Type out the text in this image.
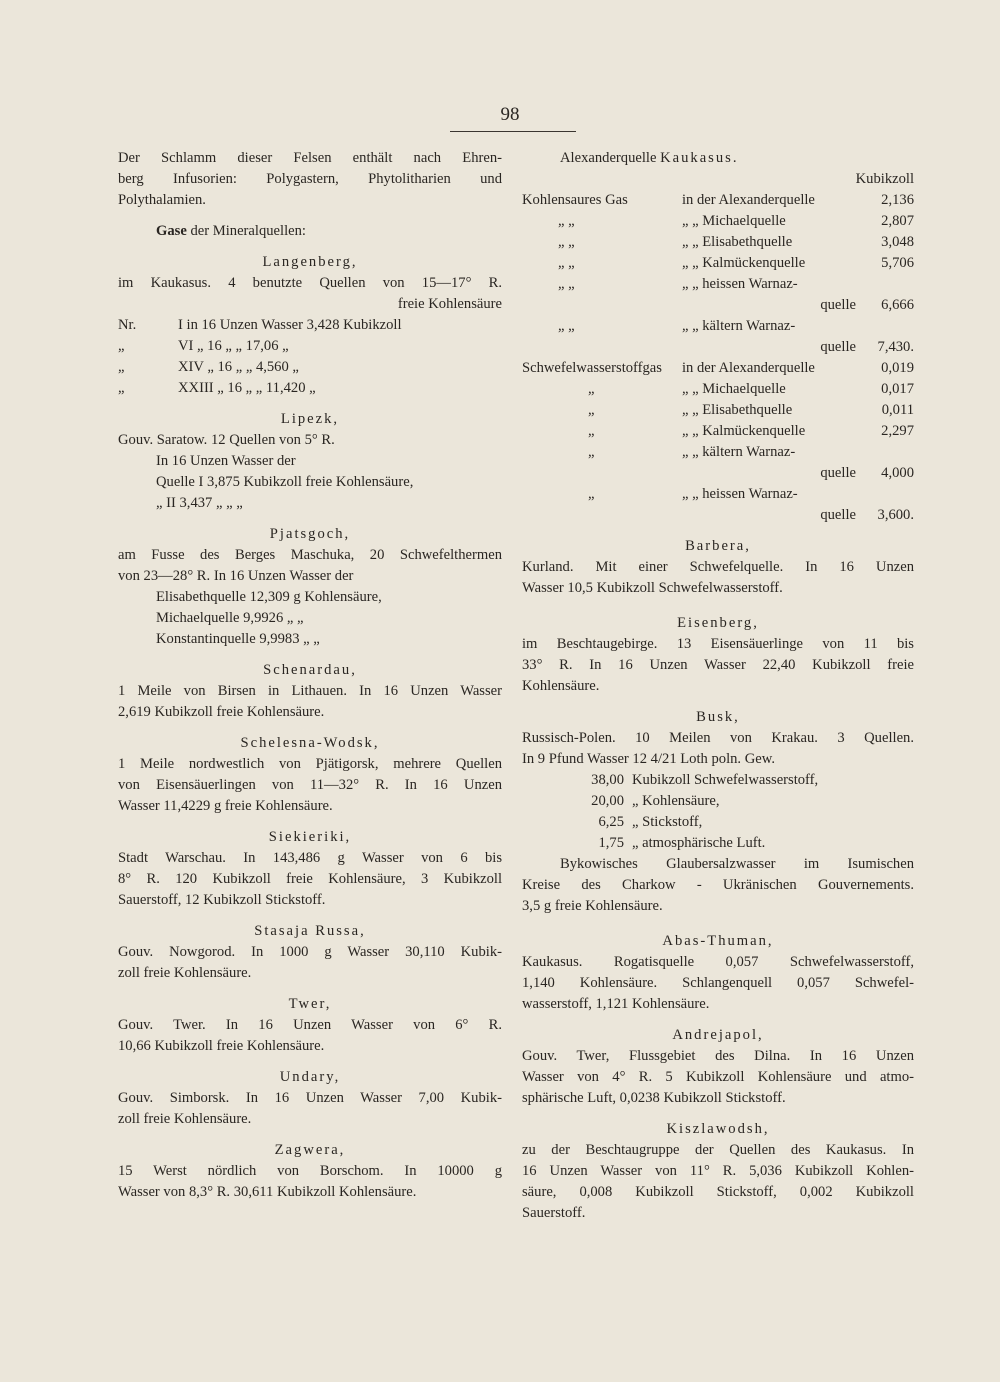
98
Der Schlamm dieser Felsen enthält nach Ehren-
berg Infusorien: Polygastern, Phytolitharien und
Polythalamien.
Gase der Mineralquellen:
Langenberg,
im Kaukasus. 4 benutzte Quellen von 15—17° R.
freie Kohlensäure
Nr.	I in 16 Unzen Wasser 3,428 Kubikzoll
„	VI „ 16 „ „ 17,06 „
„	XIV „ 16 „ „ 4,560 „
„	XXIII „ 16 „ „ 11,420 „
Lipezk,
Gouv. Saratow. 12 Quellen von 5° R.
In 16 Unzen Wasser der
Quelle I 3,875 Kubikzoll freie Kohlensäure,
„ II 3,437 „ „ „
Pjatsgoch,
am Fusse des Berges Maschuka, 20 Schwefelthermen
von 23—28° R. In 16 Unzen Wasser der
Elisabethquelle 12,309 g Kohlensäure,
Michaelquelle 9,9926 „ „
Konstantinquelle 9,9983 „ „
Schenardau,
1 Meile von Birsen in Lithauen. In 16 Unzen Wasser
2,619 Kubikzoll freie Kohlensäure.
Schelesna-Wodsk,
1 Meile nordwestlich von Pjätigorsk, mehrere Quellen
von Eisensäuerlingen von 11—32° R. In 16 Unzen
Wasser 11,4229 g freie Kohlensäure.
Siekieriki,
Stadt Warschau. In 143,486 g Wasser von 6 bis
8° R. 120 Kubikzoll freie Kohlensäure, 3 Kubikzoll
Sauerstoff, 12 Kubikzoll Stickstoff.
Stasaja Russa,
Gouv. Nowgorod. In 1000 g Wasser 30,110 Kubik-
zoll freie Kohlensäure.
Twer,
Gouv. Twer. In 16 Unzen Wasser von 6° R.
10,66 Kubikzoll freie Kohlensäure.
Undary,
Gouv. Simborsk. In 16 Unzen Wasser 7,00 Kubik-
zoll freie Kohlensäure.
Zagwera,
15 Werst nördlich von Borschom. In 10000 g
Wasser von 8,3° R. 30,611 Kubikzoll Kohlensäure.
Alexanderquelle Kaukasus.
Kubikzoll
Kohlensaures Gas	in der Alexanderquelle	2,136
„ „	„ „ Michaelquelle	2,807
„ „	„ „ Elisabethquelle	3,048
„ „	„ „ Kalmückenquelle	5,706
„ „	„ „ heissen Warnaz-
quelle	6,666
„ „	„ „ kältern Warnaz-
quelle	7,430.
Schwefelwasserstoffgas	in der Alexanderquelle	0,019
„	„ „ Michaelquelle	0,017
„	„ „ Elisabethquelle	0,011
„	„ „ Kalmückenquelle	2,297
„	„ „ kältern Warnaz-
quelle	4,000
„	„ „ heissen Warnaz-
quelle	3,600.
Barbera,
Kurland. Mit einer Schwefelquelle. In 16 Unzen
Wasser 10,5 Kubikzoll Schwefelwasserstoff.
Eisenberg,
im Beschtaugebirge. 13 Eisensäuerlinge von 11 bis
33° R. In 16 Unzen Wasser 22,40 Kubikzoll freie
Kohlensäure.
Busk,
Russisch-Polen. 10 Meilen von Krakau. 3 Quellen.
In 9 Pfund Wasser 12 4/21 Loth poln. Gew.
38,00 Kubikzoll Schwefelwasserstoff,
20,00 „ Kohlensäure,
6,25 „ Stickstoff,
1,75 „ atmosphärische Luft.
Bykowisches Glaubersalzwasser im Isumischen
Kreise des Charkow - Ukränischen Gouvernements.
3,5 g freie Kohlensäure.
Abas-Thuman,
Kaukasus. Rogatisquelle 0,057 Schwefelwasserstoff,
1,140 Kohlensäure. Schlangenquell 0,057 Schwefel-
wasserstoff, 1,121 Kohlensäure.
Andrejapol,
Gouv. Twer, Flussgebiet des Dilna. In 16 Unzen
Wasser von 4° R. 5 Kubikzoll Kohlensäure und atmo-
sphärische Luft, 0,0238 Kubikzoll Stickstoff.
Kiszlawodsh,
zu der Beschtaugruppe der Quellen des Kaukasus. In
16 Unzen Wasser von 11° R. 5,036 Kubikzoll Kohlen-
säure, 0,008 Kubikzoll Stickstoff, 0,002 Kubikzoll
Sauerstoff.
